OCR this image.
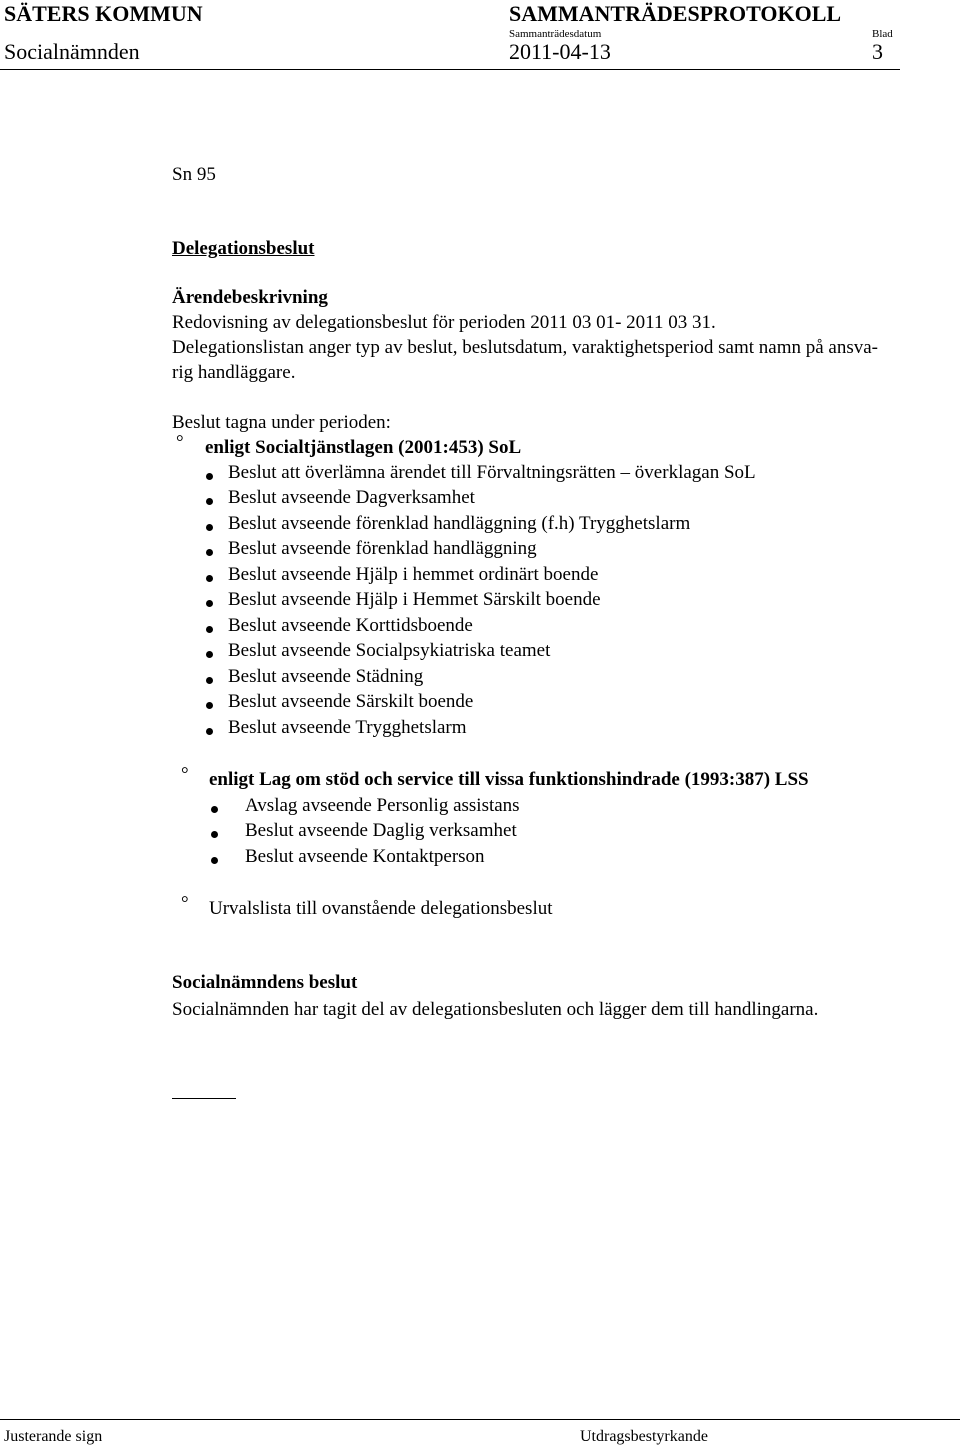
SÄTERS KOMMUN	SAMMANTRÄDESPROTOKOLL
Sammanträdesdatum	Blad
Socialnämnden	2011-04-13	3
Sn 95
Delegationsbeslut
Ärendebeskrivning
Redovisning av delegationsbeslut för perioden 2011 03 01- 2011 03 31.
Delegationslistan anger typ av beslut, beslutsdatum, varaktighetsperiod samt namn på ansva-
rig handläggare.
Beslut tagna under perioden:
° enligt Socialtjänstlagen (2001:453) SoL
Beslut att överlämna ärendet till Förvaltningsrätten – överklagan SoL
Beslut avseende Dagverksamhet
Beslut avseende förenklad handläggning (f.h) Trygghetslarm
Beslut avseende förenklad handläggning
Beslut avseende Hjälp i hemmet ordinärt boende
Beslut avseende Hjälp i Hemmet Särskilt boende
Beslut avseende Korttidsboende
Beslut avseende Socialpsykiatriska teamet
Beslut avseende Städning
Beslut avseende Särskilt boende
Beslut avseende Trygghetslarm
° enligt Lag om stöd och service till vissa funktionshindrade (1993:387) LSS
Avslag avseende Personlig assistans
Beslut avseende Daglig verksamhet
Beslut avseende Kontaktperson
° Urvalslista till ovanstående delegationsbeslut
Socialnämndens beslut
Socialnämnden har tagit del av delegationsbesluten och lägger dem till handlingarna.
Justerande sign	Utdragsbestyrkande
